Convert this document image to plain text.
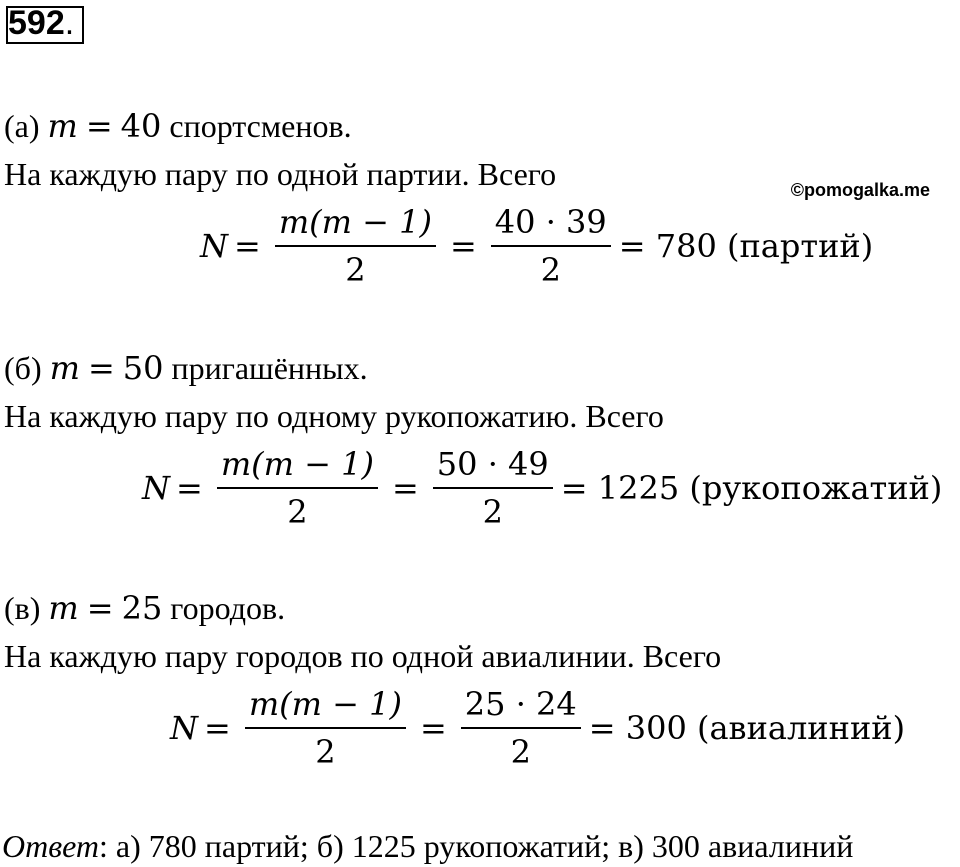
592.
©pomogalka.me
(а) m = 40 спортсменов.
На каждую пару по одной партии. Всего
$N = \frac{m(m - 1)}{2} = \frac{40 \cdot 39}{2} = 780$ (партий)
(б) m = 50 пригашённых.
На каждую пару по одному рукопожатию. Всего
$N = \frac{m(m - 1)}{2} = \frac{50 \cdot 49}{2} = 1225$ (рукопожатий)
(в) m = 25 городов.
На каждую пару городов по одной авиалинии. Всего
$N = \frac{m(m - 1)}{2} = \frac{25 \cdot 24}{2} = 300$ (авиалиний)
Ответ: а) 780 партий; б) 1225 рукопожатий; в) 300 авиалиний
